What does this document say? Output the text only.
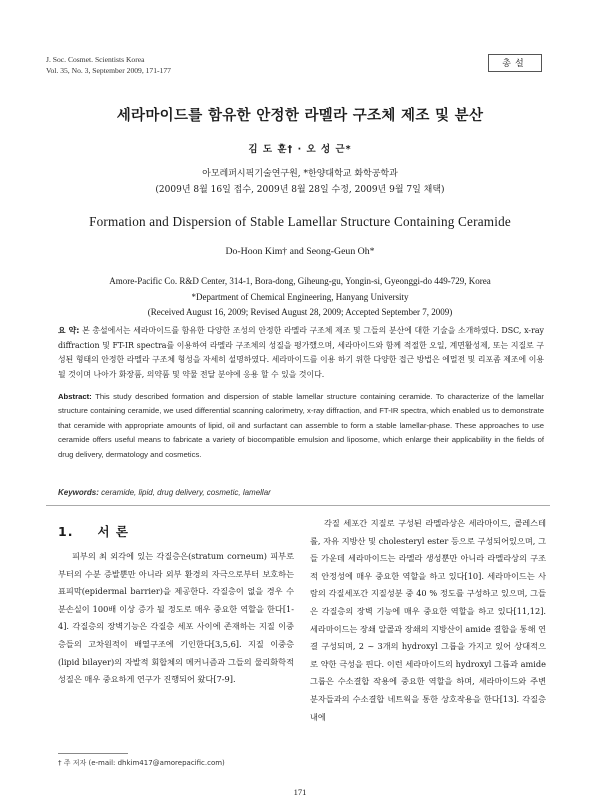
J. Soc. Cosmet. Scientists Korea
Vol. 35, No. 3, September 2009, 171-177
총설
세라마이드를 함유한 안정한 라멜라 구조체 제조 및 분산
김 도 훈† · 오 성 근*
아모레퍼시픽기술연구원, *한양대학교 화학공학과
(2009년 8월 16일 접수, 2009년 8월 28일 수정, 2009년 9월 7일 채택)
Formation and Dispersion of Stable Lamellar Structure Containing Ceramide
Do-Hoon Kim† and Seong-Geun Oh*
Amore-Pacific Co. R&D Center, 314-1, Bora-dong, Giheung-gu, Yongin-si, Gyeonggi-do 449-729, Korea
*Department of Chemical Engineering, Hanyang University
(Received August 16, 2009; Revised August 28, 2009; Accepted September 7, 2009)
요 약: 본 총설에서는 세라마이드를 함유한 다양한 조성의 안정한 라멜라 구조체 제조 및 그들의 분산에 대한 기술을 소개하였다. DSC, x-ray diffraction 및 FT-IR spectra를 이용하여 라멜라 구조체의 성질을 평가했으며, 세라마이드와 함께 적절한 오일, 계면활성제, 또는 지질로 구성된 형태의 안정한 라멜라 구조체 형성을 자세히 설명하였다. 세라마이드를 이용 하기 위한 다양한 접근 방법은 에멀전 및 리포좀 제조에 이용 될 것이며 나아가 화장품, 의약품 및 약물 전달 분야에 응용 할 수 있을 것이다.
Abstract: This study described formation and dispersion of stable lamellar structure containing ceramide. To characterize of the lamellar structure containing ceramide, we used differential scanning calorimetry, x-ray diffraction, and FT-IR spectra, which enabled us to demonstrate that ceramide with appropriate amounts of lipid, oil and surfactant can assemble to form a stable lamellar-phase. These approaches to use ceramide offers useful means to fabricate a variety of biocompatible emulsion and liposome, which enlarge their applicability in the fields of drug delivery, dermatology and cosmetics.
Keywords: ceramide, lipid, drug delivery, cosmetic, lamellar
1. 서 론
피부의 최 외각에 있는 각질층은(stratum corneum) 피부로부터의 수분 증발뿐만 아니라 외부 환경의 자극으로부터 보호하는 표피막(epidermal barrier)을 제공한다. 각질층이 없을 경우 수분손실이 100배 이상 증가 될 정도로 매우 중요한 역할을 한다[1-4]. 각질층의 장벽기능은 각질층 세포 사이에 존재하는 지질 이중층들의 고차원적이 배열구조에 기인한다[3,5,6]. 지질 이중층(lipid bilayer)의 자발적 회합체의 메커니즘과 그들의 물리화학적 성질은 매우 중요하게 연구가 진행되어 왔다[7-9].
각질 세포간 지질로 구성된 라멜라상은 세라마이드, 콜레스테롤, 자유 지방산 및 cholesteryl ester 등으로 구성되어있으며, 그들 가운데 세라마이드는 라멜라 생성뿐만 아니라 라멜라상의 구조적 안정성에 매우 중요한 역할을 하고 있다[10]. 세라마이드는 사람의 각질세포간 지질성분 중 40 % 정도를 구성하고 있으며, 그들은 각질층의 장벽 기능에 매우 중요한 역할을 하고 있다[11,12]. 세라마이드는 장쇄 알콜과 장쇄의 지방산이 amide 결합을 통해 연결 구성되며, 2 ~ 3개의 hydroxyl 그룹을 가지고 있어 상대적으로 약한 극성을 띈다. 이런 세라마이드의 hydroxyl 그룹과 amide 그룹은 수소결합 작용에 중요한 역할을 하며, 세라마이드와 주변 분자들과의 수소결합 네트웍을 통한 상호작용을 한다[13]. 각질층 내에
† 주 저자 (e-mail: dhkim417@amorepacific.com)
171
